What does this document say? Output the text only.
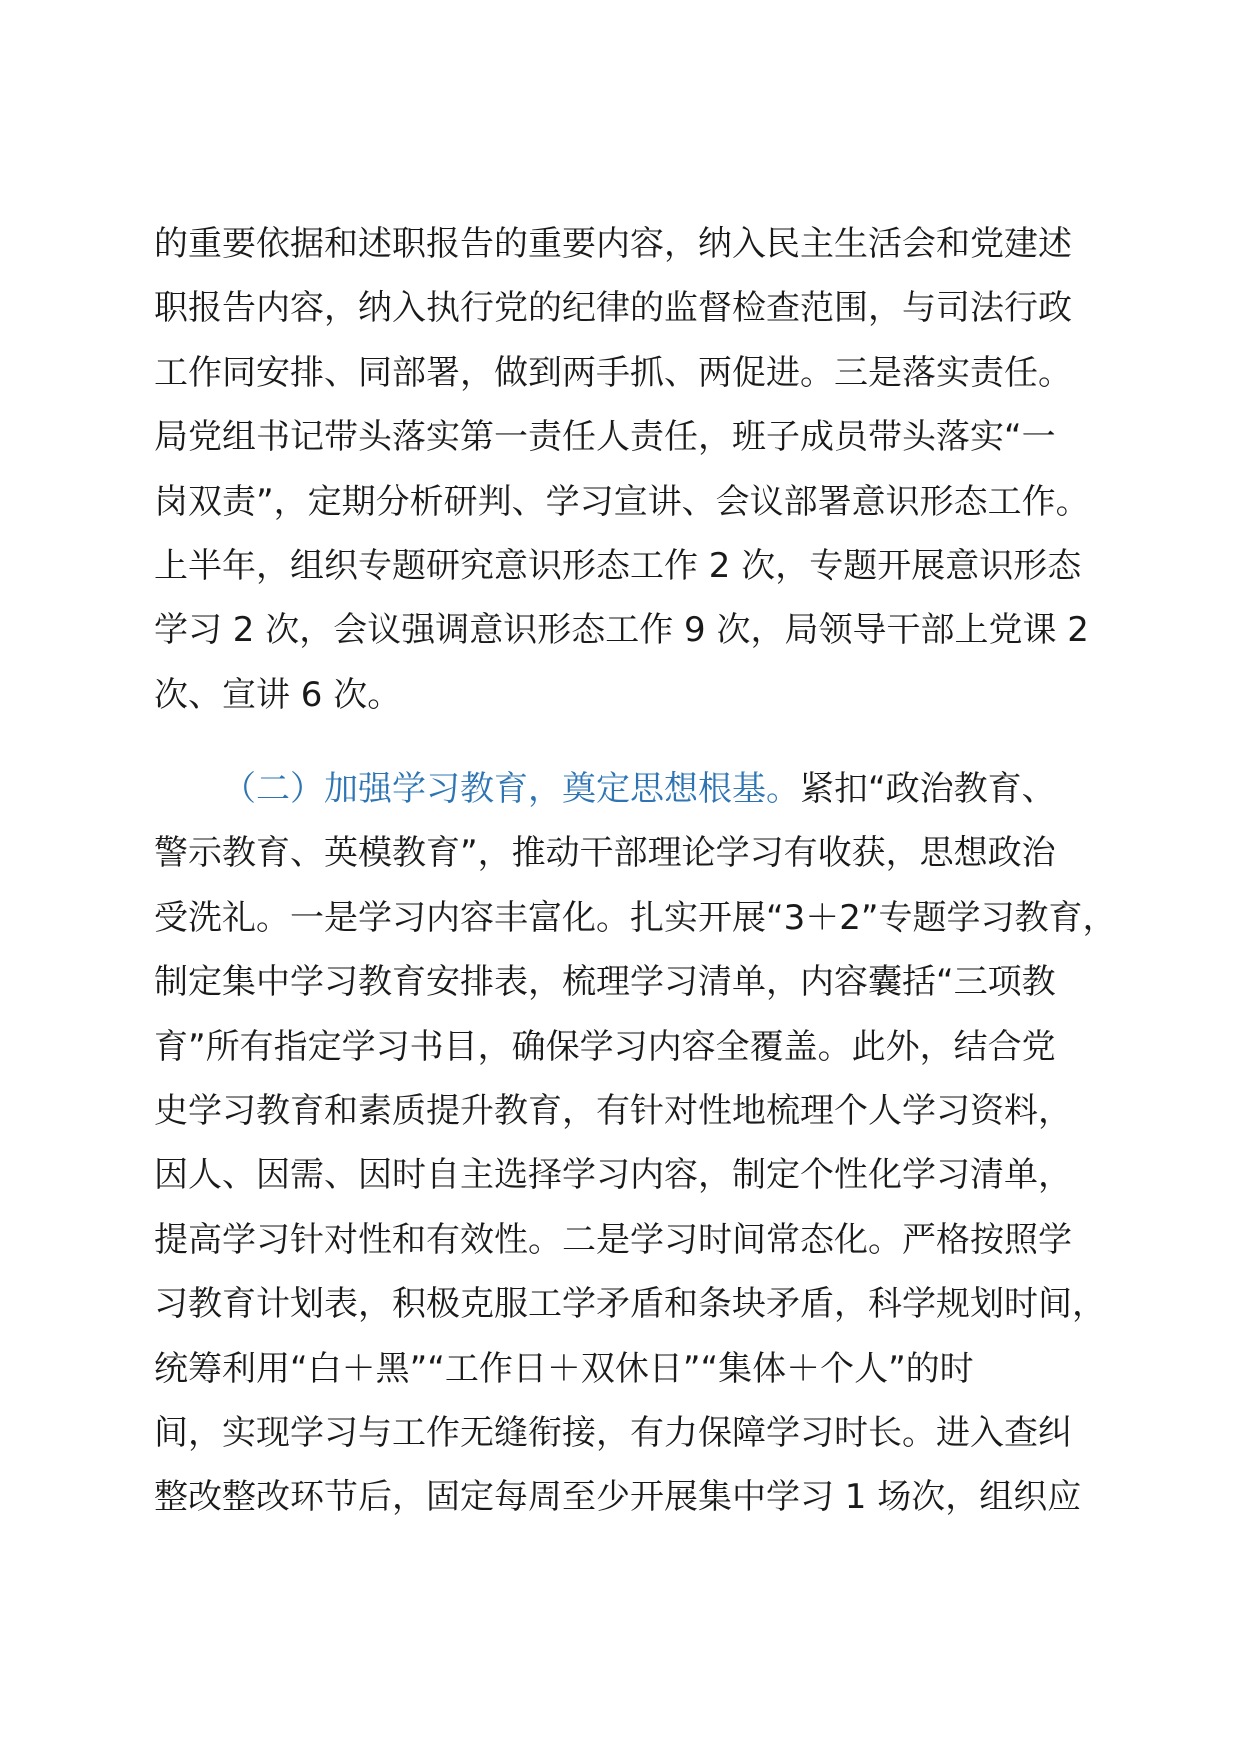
的重要依据和述职报告的重要内容，纳入民主生活会和党建述
职报告内容，纳入执行党的纪律的监督检查范围，与司法行政
工作同安排、同部署，做到两手抓、两促进。三是落实责任。
局党组书记带头落实第一责任人责任，班子成员带头落实“一
岗双责”，定期分析研判、学习宣讲、会议部署意识形态工作。
上半年，组织专题研究意识形态工作 2 次，专题开展意识形态
学习 2 次，会议强调意识形态工作 9 次，局领导干部上党课 2
次、宣讲 6 次。
（二）加强学习教育，奠定思想根基。紧扣“政治教育、
警示教育、英模教育”，推动干部理论学习有收获，思想政治
受洗礼。一是学习内容丰富化。扎实开展“3＋2”专题学习教育，
制定集中学习教育安排表，梳理学习清单，内容囊括“三项教
育”所有指定学习书目，确保学习内容全覆盖。此外，结合党
史学习教育和素质提升教育，有针对性地梳理个人学习资料，
因人、因需、因时自主选择学习内容，制定个性化学习清单，
提高学习针对性和有效性。二是学习时间常态化。严格按照学
习教育计划表，积极克服工学矛盾和条块矛盾，科学规划时间，
统筹利用“白＋黑”“工作日＋双休日”“集体＋个人”的时
间，实现学习与工作无缝衔接，有力保障学习时长。进入查纠
整改整改环节后，固定每周至少开展集中学习 1 场次，组织应
